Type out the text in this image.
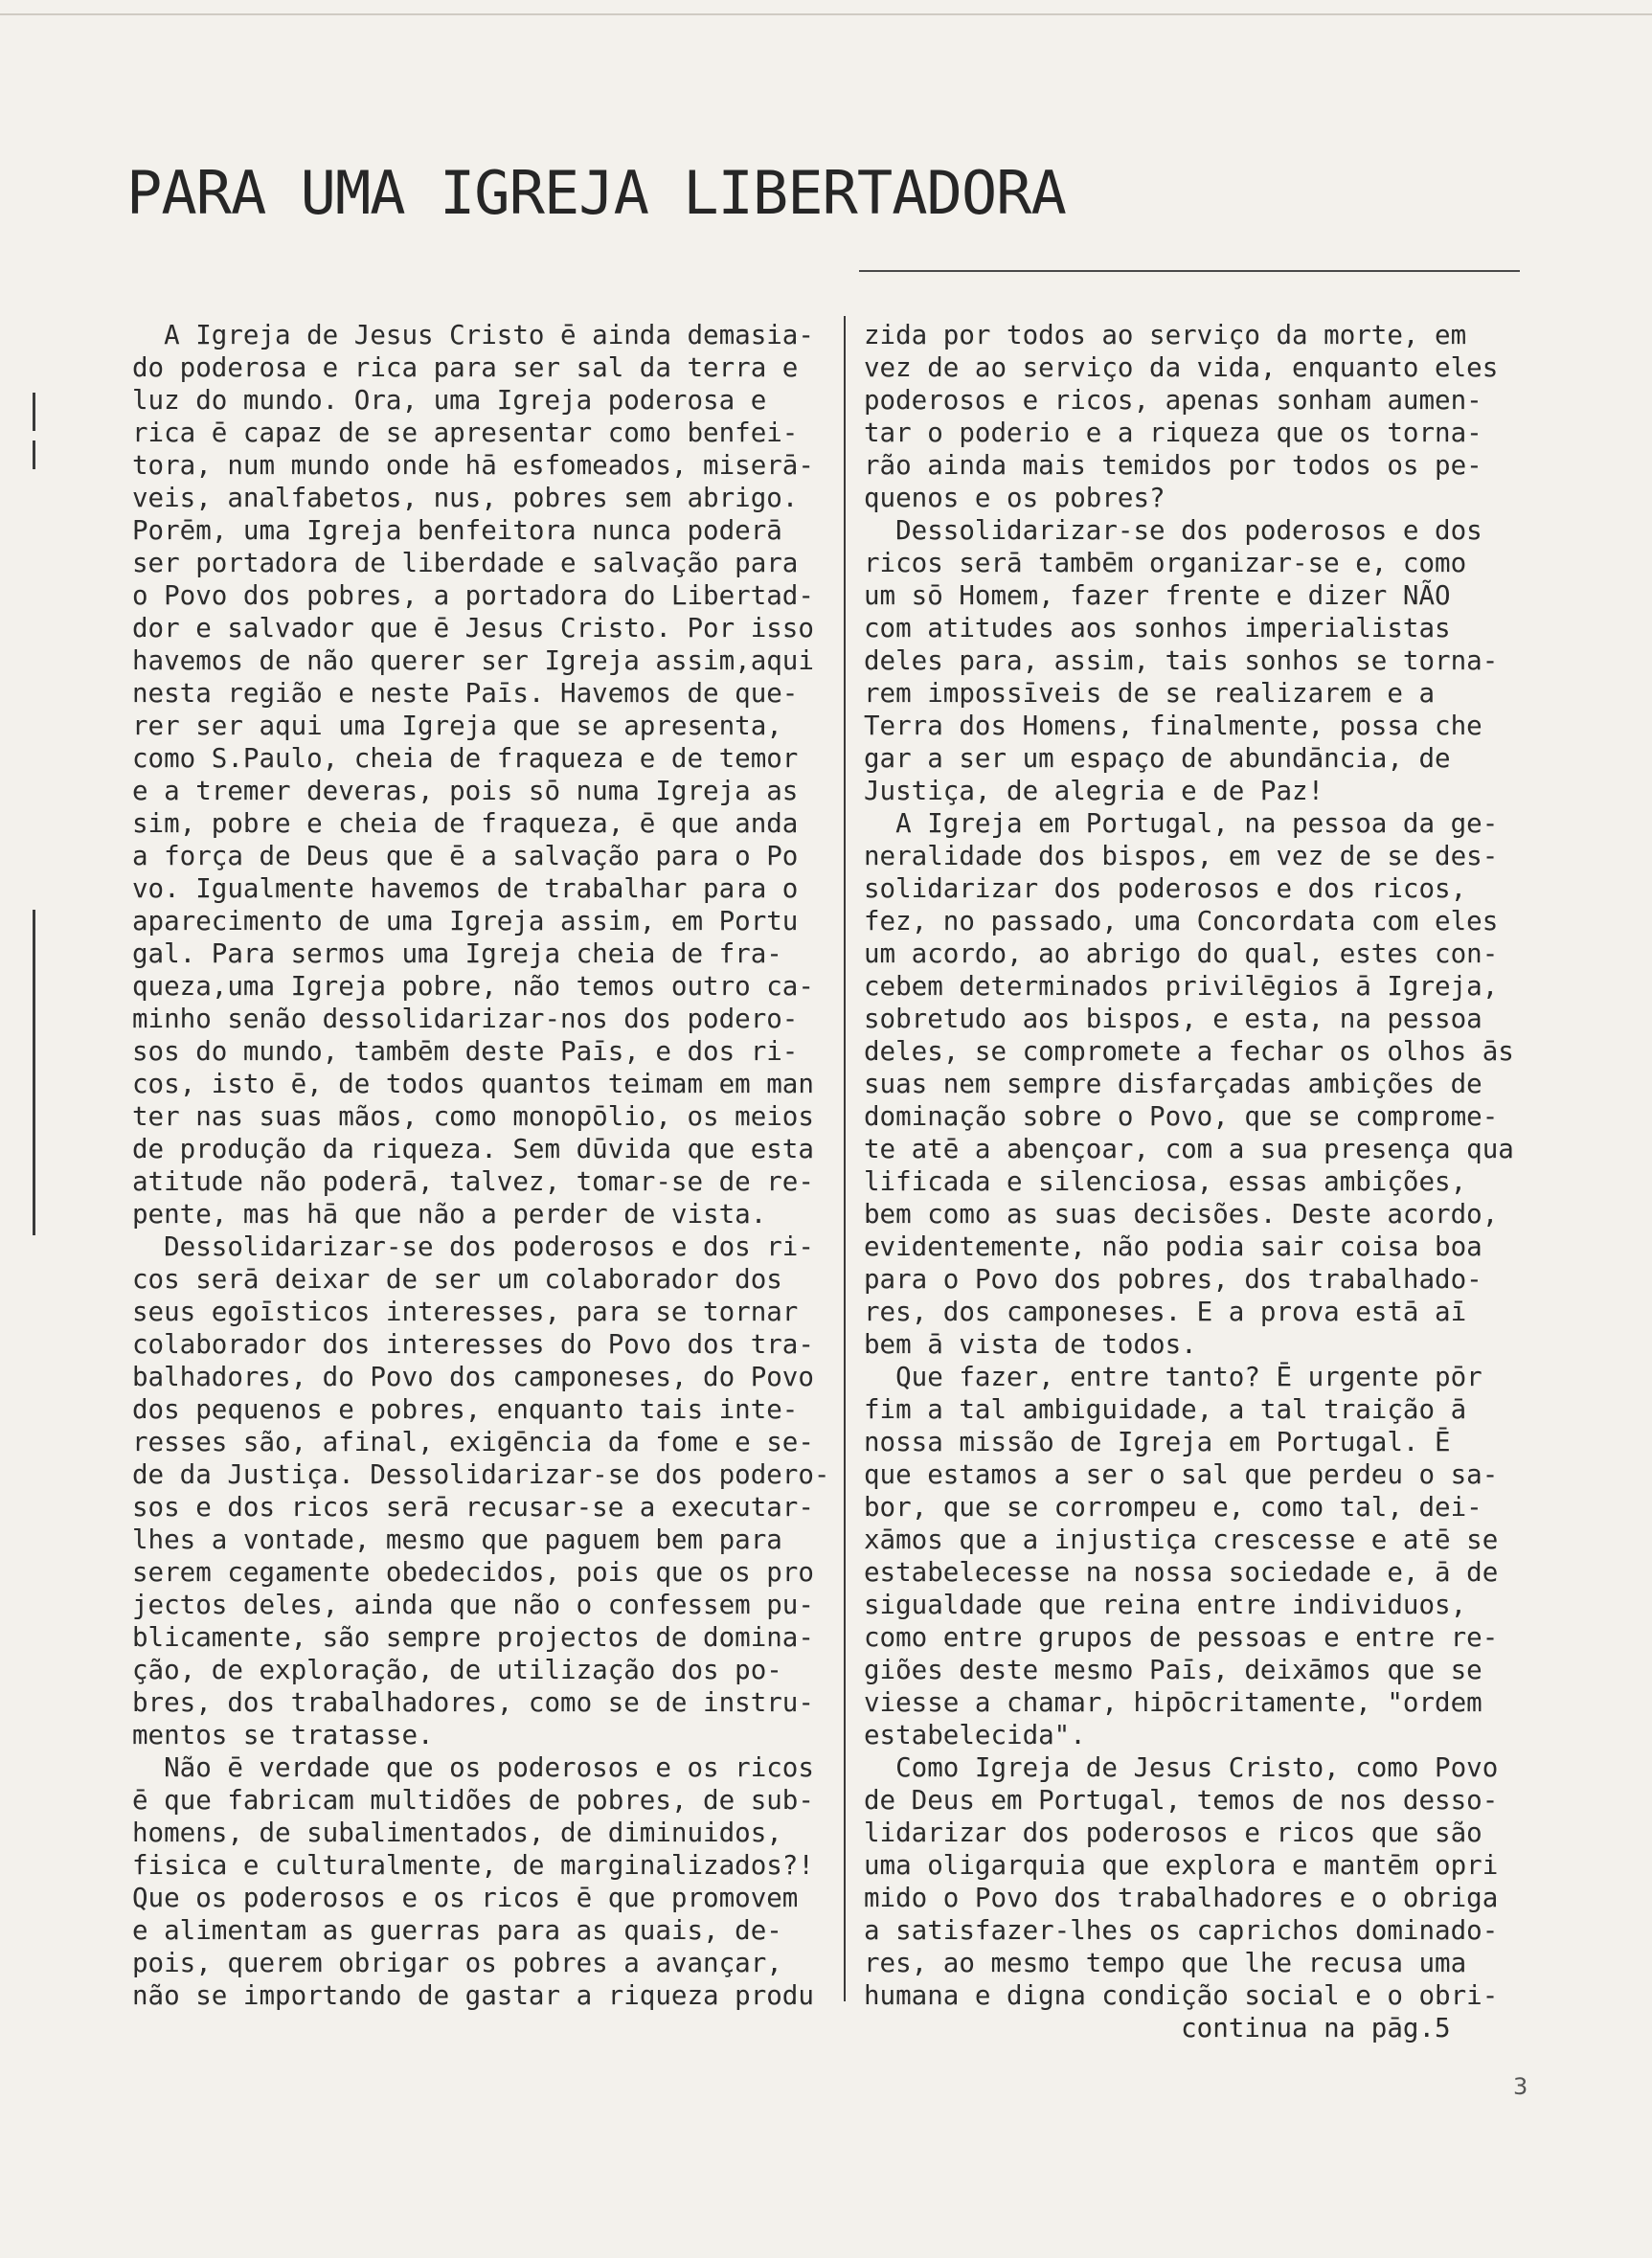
PARA UMA IGREJA LIBERTADORA
A Igreja de Jesus Cristo ē ainda demasia-
do poderosa e rica para ser sal da terra e
luz do mundo. Ora, uma Igreja poderosa e
rica ē capaz de se apresentar como benfei-
tora, num mundo onde hā esfomeados, miserā-
veis, analfabetos, nus, pobres sem abrigo.
Porēm, uma Igreja benfeitora nunca poderā
ser portadora de liberdade e salvação para
o Povo dos pobres, a portadora do Libertad-
dor e salvador que ē Jesus Cristo. Por isso
havemos de não querer ser Igreja assim,aqui
nesta região e neste Paīs. Havemos de que-
rer ser aqui uma Igreja que se apresenta,
como S.Paulo, cheia de fraqueza e de temor
e a tremer deveras, pois sō numa Igreja as
sim, pobre e cheia de fraqueza, ē que anda
a força de Deus que ē a salvação para o Po
vo. Igualmente havemos de trabalhar para o
aparecimento de uma Igreja assim, em Portu
gal. Para sermos uma Igreja cheia de fra-
queza,uma Igreja pobre, não temos outro ca-
minho senão dessolidarizar-nos dos podero-
sos do mundo, tambēm deste Paīs, e dos ri-
cos, isto ē, de todos quantos teimam em man
ter nas suas mãos, como monopōlio, os meios
de produção da riqueza. Sem dūvida que esta
atitude não poderā, talvez, tomar-se de re-
pente, mas hā que não a perder de vista.
Dessolidarizar-se dos poderosos e dos ri-
cos serā deixar de ser um colaborador dos
seus egoīsticos interesses, para se tornar
colaborador dos interesses do Povo dos tra-
balhadores, do Povo dos camponeses, do Povo
dos pequenos e pobres, enquanto tais inte-
resses são, afinal, exigēncia da fome e se-
de da Justiça. Dessolidarizar-se dos podero-
sos e dos ricos serā recusar-se a executar-
lhes a vontade, mesmo que paguem bem para
serem cegamente obedecidos, pois que os pro
jectos deles, ainda que não o confessem pu-
blicamente, são sempre projectos de domina-
ção, de exploração, de utilização dos po-
bres, dos trabalhadores, como se de instru-
mentos se tratasse.
Não ē verdade que os poderosos e os ricos
ē que fabricam multidões de pobres, de sub-
homens, de subalimentados, de diminuidos,
fisica e culturalmente, de marginalizados?!
Que os poderosos e os ricos ē que promovem
e alimentam as guerras para as quais, de-
pois, querem obrigar os pobres a avançar,
não se importando de gastar a riqueza produ
zida por todos ao serviço da morte, em
vez de ao serviço da vida, enquanto eles
poderosos e ricos, apenas sonham aumen-
tar o poderio e a riqueza que os torna-
rão ainda mais temidos por todos os pe-
quenos e os pobres?
Dessolidarizar-se dos poderosos e dos
ricos serā tambēm organizar-se e, como
um sō Homem, fazer frente e dizer NÃO
com atitudes aos sonhos imperialistas
deles para, assim, tais sonhos se torna-
rem impossīveis de se realizarem e a
Terra dos Homens, finalmente, possa che
gar a ser um espaço de abundāncia, de
Justiça, de alegria e de Paz!
A Igreja em Portugal, na pessoa da ge-
neralidade dos bispos, em vez de se des-
solidarizar dos poderosos e dos ricos,
fez, no passado, uma Concordata com eles
um acordo, ao abrigo do qual, estes con-
cebem determinados privilēgios ā Igreja,
sobretudo aos bispos, e esta, na pessoa
deles, se compromete a fechar os olhos ās
suas nem sempre disfarçadas ambições de
dominação sobre o Povo, que se comprome-
te atē a abençoar, com a sua presença qua
lificada e silenciosa, essas ambições,
bem como as suas decisões. Deste acordo,
evidentemente, não podia sair coisa boa
para o Povo dos pobres, dos trabalhado-
res, dos camponeses. E a prova estā aī
bem ā vista de todos.
Que fazer, entre tanto? Ē urgente pōr
fim a tal ambiguidade, a tal traição ā
nossa missão de Igreja em Portugal. Ē
que estamos a ser o sal que perdeu o sa-
bor, que se corrompeu e, como tal, dei-
xāmos que a injustiça crescesse e atē se
estabelecesse na nossa sociedade e, ā de
sigualdade que reina entre individuos,
como entre grupos de pessoas e entre re-
giões deste mesmo Paīs, deixāmos que se
viesse a chamar, hipōcritamente, "ordem
estabelecida".
Como Igreja de Jesus Cristo, como Povo
de Deus em Portugal, temos de nos desso-
lidarizar dos poderosos e ricos que são
uma oligarquia que explora e mantēm opri
mido o Povo dos trabalhadores e o obriga
a satisfazer-lhes os caprichos dominado-
res, ao mesmo tempo que lhe recusa uma
humana e digna condição social e o obri-
continua na pāg.5
3
